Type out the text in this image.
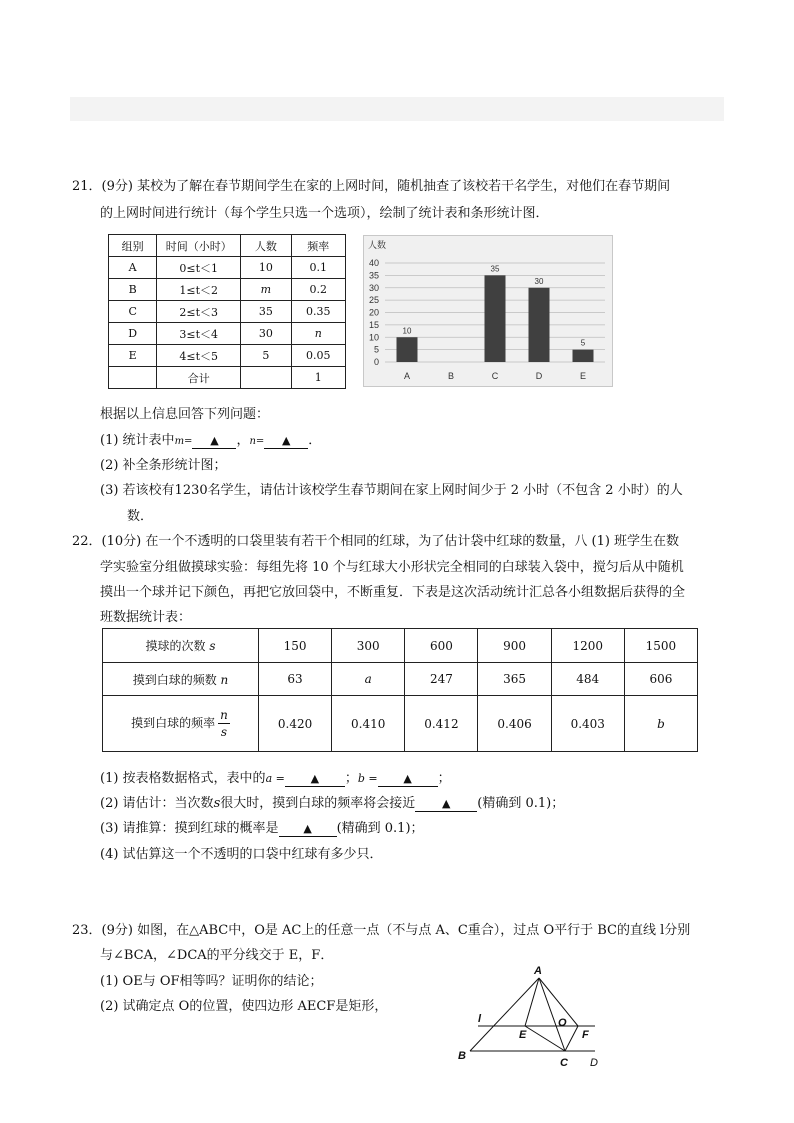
21．(9分) 某校为了解在春节期间学生在家的上网时间，随机抽查了该校若干名学生，对他们在春节期间
的上网时间进行统计（每个学生只选一个选项），绘制了统计表和条形统计图．
组别	时间（小时）	人数	频率
A	0≤t＜1	10	0.1
B	1≤t＜2	m	0.2
C	2≤t＜3	35	0.35
D	3≤t＜4	30	n
E	4≤t＜5	5	0.05
	合计		1
人数
0
5
10
15
20
25
30
35
40
10
A	B
35
C
30
D
5
E
根据以上信息回答下列问题：
(1) 统计表中m= ▲ ，n= ▲ ．
(2) 补全条形统计图；
(3) 若该校有1230名学生，请估计该校学生春节期间在家上网时间少于 2 小时（不包含 2 小时）的人
数．
22．(10分) 在一个不透明的口袋里装有若干个相同的红球，为了估计袋中红球的数量，八 (1) 班学生在数
学实验室分组做摸球实验：每组先将 10 个与红球大小形状完全相同的白球装入袋中，搅匀后从中随机
摸出一个球并记下颜色，再把它放回袋中，不断重复．下表是这次活动统计汇总各小组数据后获得的全
班数据统计表：
摸球的次数 s	150	300	600	900	1200	1500
摸到白球的频数 n	63	a	247	365	484	606
摸到白球的频率 $\frac{n}{s}$	0.420	0.410	0.412	0.406	0.403	b
(1) 按表格数据格式，表中的a = ▲ ；b = ▲ ；
(2) 请估计：当次数s很大时，摸到白球的频率将会接近 ▲ (精确到 0.1)；
(3) 请推算：摸到红球的概率是 ▲ (精确到 0.1)；
(4) 试估算这一个不透明的口袋中红球有多少只．
23．(9分) 如图，在△ABC中，O是 AC上的任意一点（不与点 A、C重合），过点 O平行于 BC的直线 l分别
与∠BCA，∠DCA的平分线交于 E，F．
(1) OE与 OF相等吗？证明你的结论；
(2) 试确定点 O的位置，使四边形 AECF是矩形，
A
B
C D
E	F
O
l
